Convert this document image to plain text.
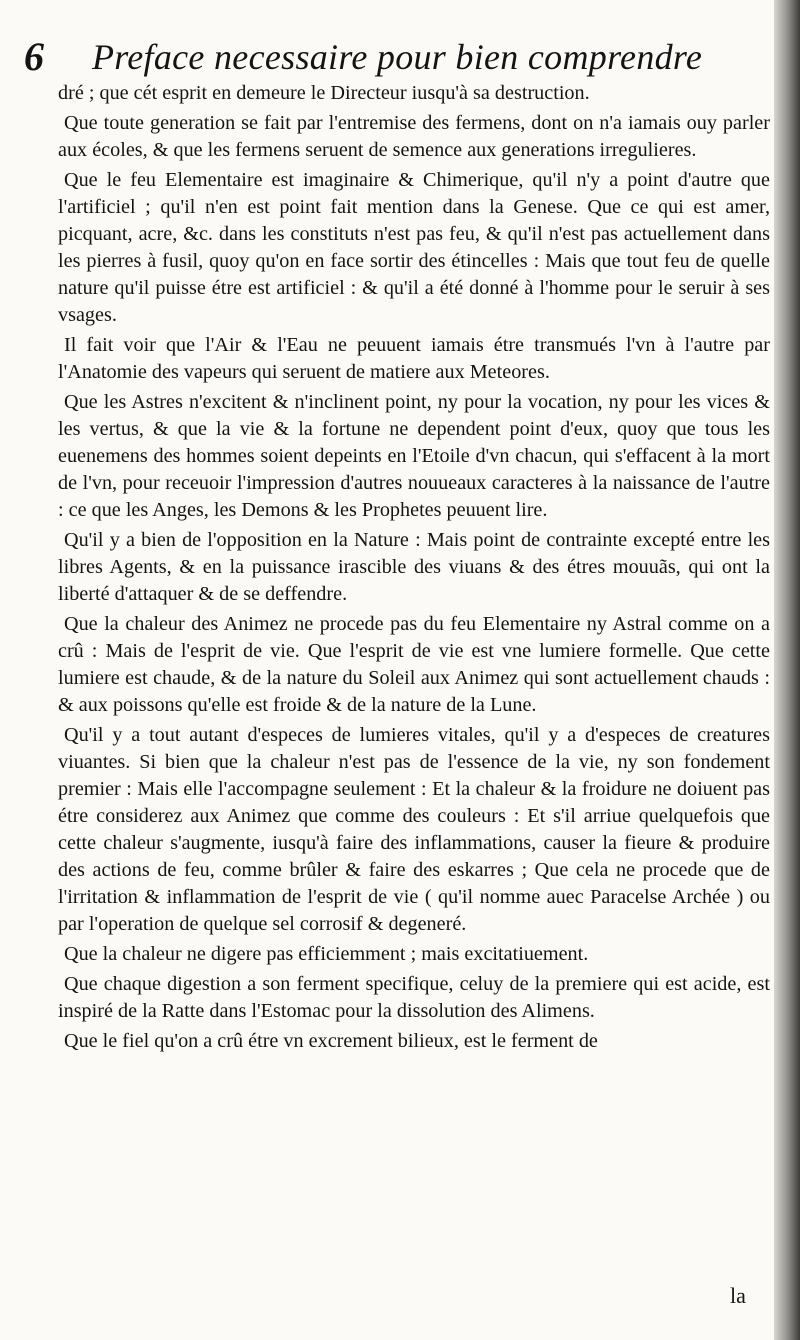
6 Preface necessaire pour bien comprendre

dré ; que cét esprit en demeure le Directeur iusqu'à sa destruction.

Que toute generation se fait par l'entremise des fermens, dont on n'a iamais ouy parler aux écoles, & que les fermens seruent de semence aux generations irregulieres.

Que le feu Elementaire est imaginaire & Chimerique, qu'il n'y a point d'autre que l'artificiel ; qu'il n'en est point fait mention dans la Genese. Que ce qui est amer, picquant, acre, &c. dans les constituts n'est pas feu, & qu'il n'est pas actuellement dans les pierres à fusil, quoy qu'on en face sortir des étincelles : Mais que tout feu de quelle nature qu'il puisse étre est artificiel : & qu'il a été donné à l'homme pour le seruir à ses vsages.

Il fait voir que l'Air & l'Eau ne peuuent iamais étre transmués l'vn à l'autre par l'Anatomie des vapeurs qui seruent de matiere aux Meteores.

Que les Astres n'excitent & n'inclinent point, ny pour la vocation, ny pour les vices & les vertus, & que la vie & la fortune ne dependent point d'eux, quoy que tous les euenemens des hommes soient depeints en l'Etoile d'vn chacun, qui s'effacent à la mort de l'vn, pour receuoir l'impression d'autres nouueaux caracteres à la naissance de l'autre : ce que les Anges, les Demons & les Prophetes peuuent lire.

Qu'il y a bien de l'opposition en la Nature : Mais point de contrainte excepté entre les libres Agents, & en la puissance irascible des viuans & des étres mouuãs, qui ont la liberté d'attaquer & de se deffendre.

Que la chaleur des Animez ne procede pas du feu Elementaire ny Astral comme on a crû : Mais de l'esprit de vie. Que l'esprit de vie est vne lumiere formelle. Que cette lumiere est chaude, & de la nature du Soleil aux Animez qui sont actuellement chauds : & aux poissons qu'elle est froide & de la nature de la Lune.

Qu'il y a tout autant d'especes de lumieres vitales, qu'il y a d'especes de creatures viuantes. Si bien que la chaleur n'est pas de l'essence de la vie, ny son fondement premier : Mais elle l'accompagne seulement : Et la chaleur & la froidure ne doiuent pas étre considerez aux Animez que comme des couleurs : Et s'il arriue quelquefois que cette chaleur s'augmente, iusqu'à faire des inflammations, causer la fieure & produire des actions de feu, comme brûler & faire des eskarres ; Que cela ne procede que de l'irritation & inflammation de l'esprit de vie ( qu'il nomme auec Paracelse Archée ) ou par l'operation de quelque sel corrosif & degeneré.

Que la chaleur ne digere pas efficiemment ; mais excitatiuement.

Que chaque digestion a son ferment specifique, celuy de la premiere qui est acide, est inspiré de la Ratte dans l'Estomac pour la dissolution des Alimens.

Que le fiel qu'on a crû étre vn excrement bilieux, est le ferment de

la
